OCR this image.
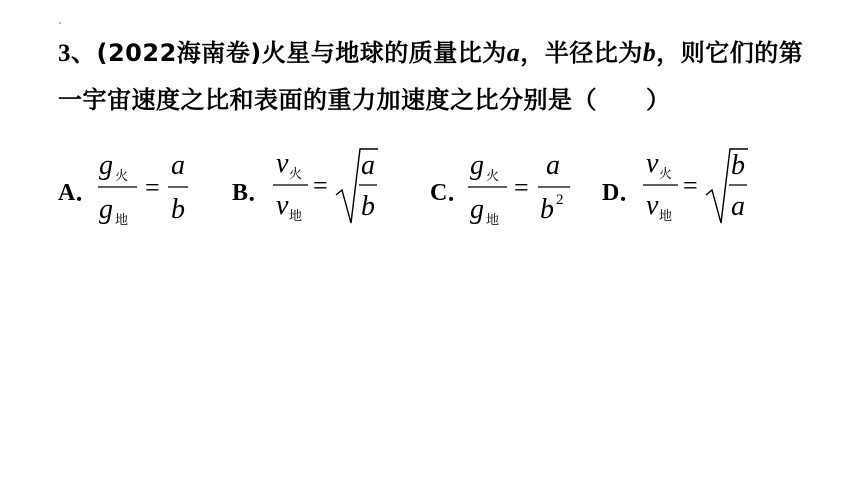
3、(2022海南卷)火星与地球的质量比为a，半径比为b，则它们的第
一宇宙速度之比和表面的重力加速度之比分别是（　　）
A．
g 火
g 地
=
a
b
B．
v 火
v 地
=
a
b C．
g 火
g 地
=
a
b 2 D．
v 火
v 地
=
b
a
